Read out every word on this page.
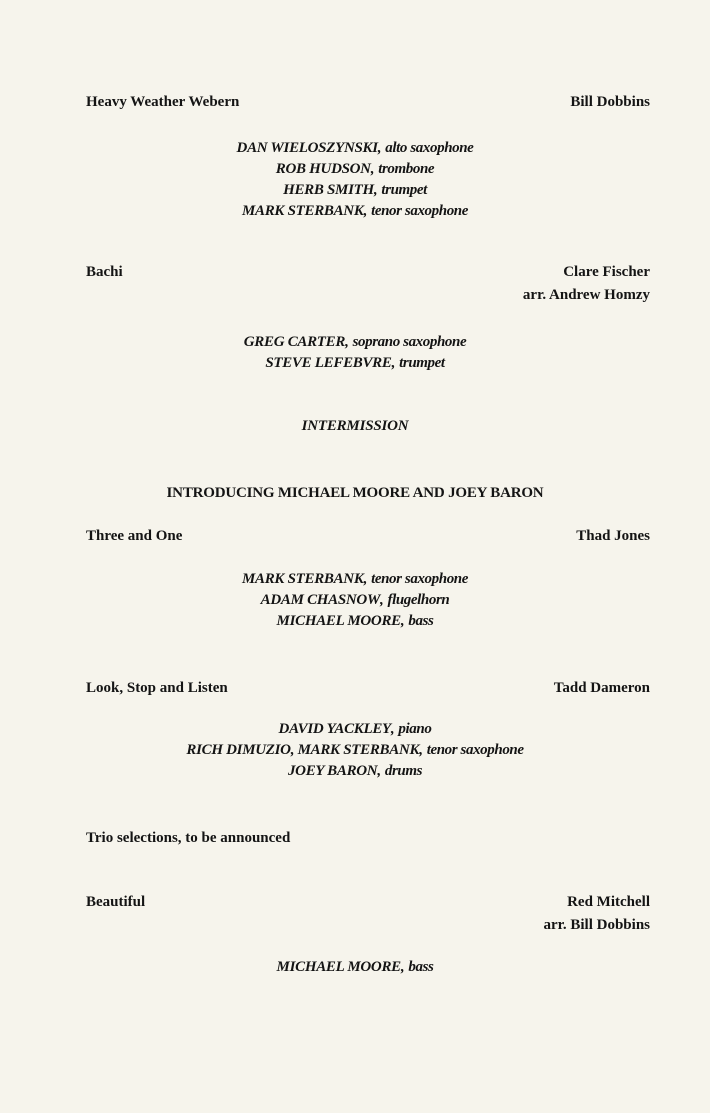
Heavy Weather Webern	Bill Dobbins
DAN WIELOSZYNSKI, alto saxophone
ROB HUDSON, trombone
HERB SMITH, trumpet
MARK STERBANK, tenor saxophone
Bachi	Clare Fischer
arr. Andrew Homzy
GREG CARTER, soprano saxophone
STEVE LEFEBVRE, trumpet
INTERMISSION
INTRODUCING MICHAEL MOORE AND JOEY BARON
Three and One	Thad Jones
MARK STERBANK, tenor saxophone
ADAM CHASNOW, flugelhorn
MICHAEL MOORE, bass
Look, Stop and Listen	Tadd Dameron
DAVID YACKLEY, piano
RICH DIMUZIO, MARK STERBANK, tenor saxophone
JOEY BARON, drums
Trio selections, to be announced
Beautiful	Red Mitchell
arr. Bill Dobbins
MICHAEL MOORE, bass
